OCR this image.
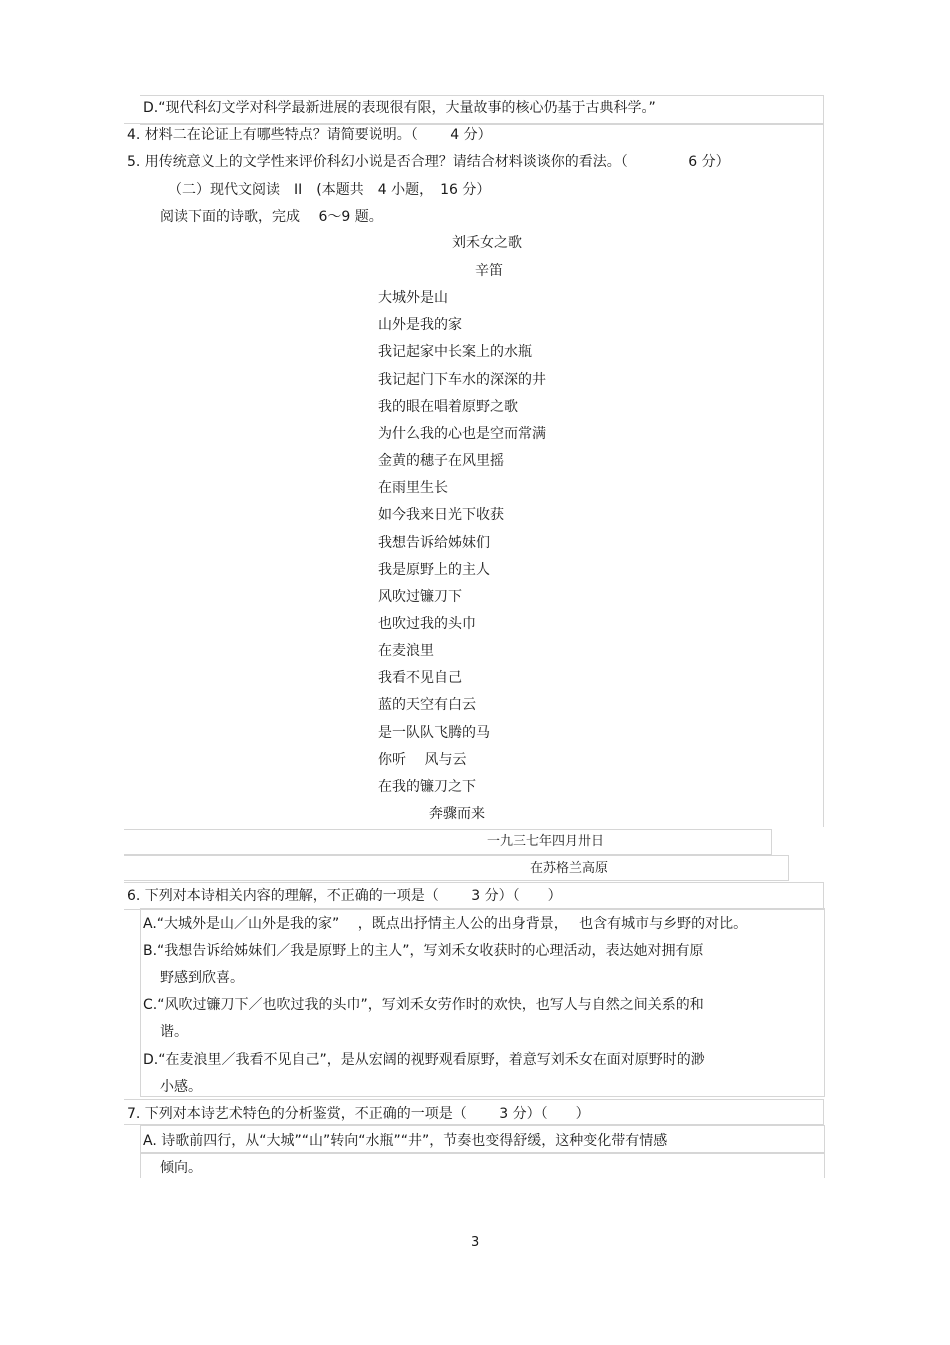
D.“现代科幻文学对科学最新进展的表现很有限，大量故事的核心仍基于古典科学。”
4. 材料二在论证上有哪些特点？请简要说明。（　　 4 分）
5. 用传统意义上的文学性来评价科幻小说是否合理？请结合材料谈谈你的看法。（　　　　 6 分）
（二）现代文阅读　II　(本题共　4 小题，　16 分）
阅读下面的诗歌，完成　 6～9 题。
刘禾女之歌
辛笛
大城外是山
山外是我的家
我记起家中长案上的水瓶
我记起门下车水的深深的井
我的眼在唱着原野之歌
为什么我的心也是空而常满
金黄的穗子在风里摇
在雨里生长
如今我来日光下收获
我想告诉给姊妹们
我是原野上的主人
风吹过镰刀下
也吹过我的头巾
在麦浪里
我看不见自己
蓝的天空有白云
是一队队飞腾的马
你听　 风与云
在我的镰刀之下
奔骤而来
一九三七年四月卅日
在苏格兰高原
6. 下列对本诗相关内容的理解，不正确的一项是（　　 3 分）（　　）
A.“大城外是山／山外是我的家”　 ，既点出抒情主人公的出身背景，　 也含有城市与乡野的对比。
B.“我想告诉给姊妹们／我是原野上的主人”，写刘禾女收获时的心理活动，表达她对拥有原
野感到欣喜。
C.“风吹过镰刀下／也吹过我的头巾”，写刘禾女劳作时的欢快，也写人与自然之间关系的和
谐。
D.“在麦浪里／我看不见自己”，是从宏阔的视野观看原野，着意写刘禾女在面对原野时的渺
小感。
7. 下列对本诗艺术特色的分析鉴赏，不正确的一项是（　　 3 分）（　　）
A. 诗歌前四行，从“大城”“山”转向“水瓶”“井”，节奏也变得舒缓，这种变化带有情感
倾向。
3
